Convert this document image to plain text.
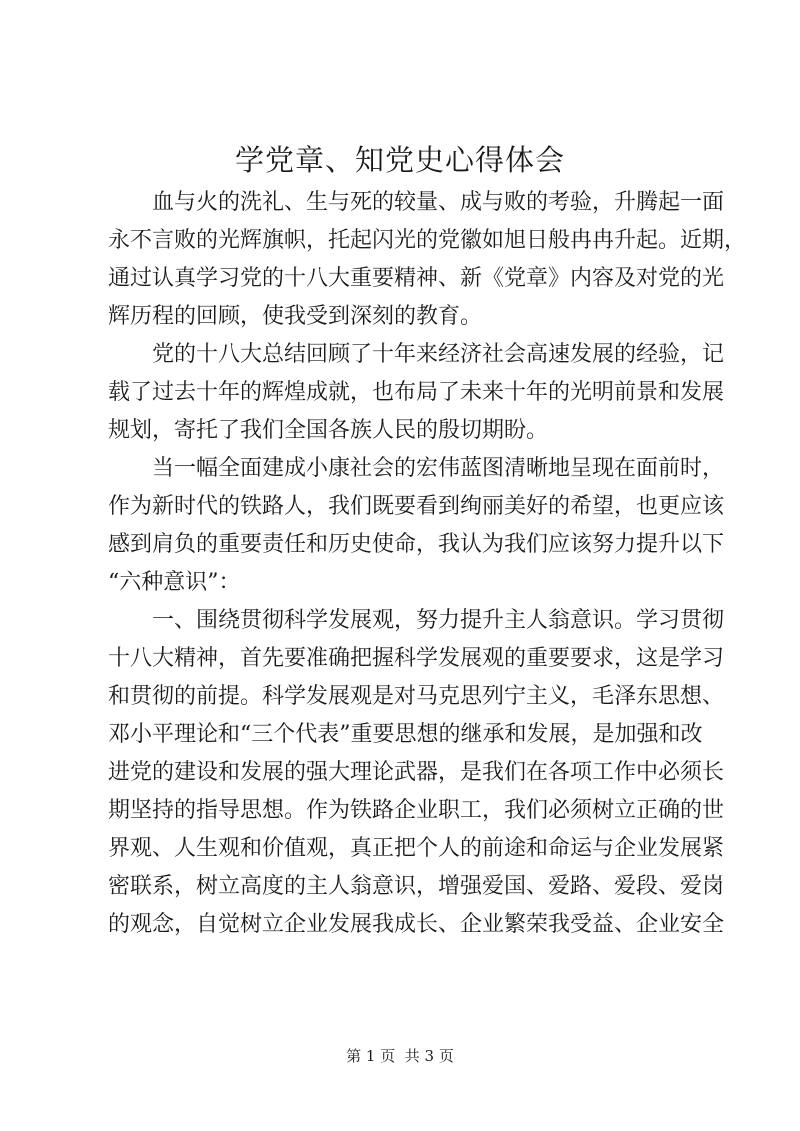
学党章、知党史心得体会

血与火的洗礼、生与死的较量、成与败的考验，升腾起一面
永不言败的光辉旗帜，托起闪光的党徽如旭日般冉冉升起。近期，
通过认真学习党的十八大重要精神、新《党章》内容及对党的光
辉历程的回顾，使我受到深刻的教育。

党的十八大总结回顾了十年来经济社会高速发展的经验，记
载了过去十年的辉煌成就，也布局了未来十年的光明前景和发展
规划，寄托了我们全国各族人民的殷切期盼。

当一幅全面建成小康社会的宏伟蓝图清晰地呈现在面前时，
作为新时代的铁路人，我们既要看到绚丽美好的希望，也更应该
感到肩负的重要责任和历史使命，我认为我们应该努力提升以下
“六种意识”：

一、围绕贯彻科学发展观，努力提升主人翁意识。学习贯彻
十八大精神，首先要准确把握科学发展观的重要要求，这是学习
和贯彻的前提。科学发展观是对马克思列宁主义，毛泽东思想、
邓小平理论和“三个代表”重要思想的继承和发展，是加强和改
进党的建设和发展的强大理论武器，是我们在各项工作中必须长
期坚持的指导思想。作为铁路企业职工，我们必须树立正确的世
界观、人生观和价值观，真正把个人的前途和命运与企业发展紧
密联系，树立高度的主人翁意识，增强爱国、爱路、爱段、爱岗
的观念，自觉树立企业发展我成长、企业繁荣我受益、企业安全

第 1 页  共 3 页
